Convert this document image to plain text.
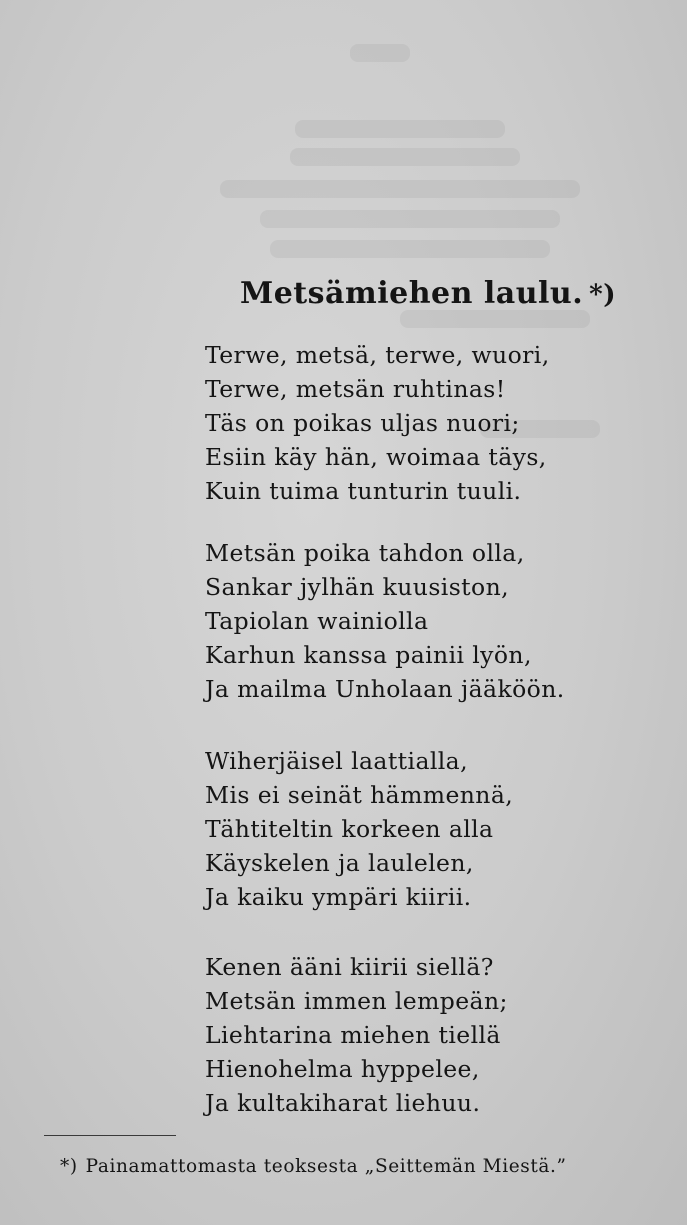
Metsämiehen laulu. *)
Terwe, metsä, terwe, wuori,
Terwe, metsän ruhtinas!
Täs on poikas uljas nuori;
Esiin käy hän, woimaa täys,
Kuin tuima tunturin tuuli.
Metsän poika tahdon olla,
Sankar jylhän kuusiston,
Tapiolan wainiolla
Karhun kanssa painii lyön,
Ja mailma Unholaan jääköön.
Wiherjäisel laattialla,
Mis ei seinät hämmennä,
Tähtiteltin korkeen alla
Käyskelen ja laulelen,
Ja kaiku ympäri kiirii.
Kenen ääni kiirii siellä?
Metsän immen lempeän;
Liehtarina miehen tiellä
Hienohelma hyppelee,
Ja kultakiharat liehuu.
*) Painamattomasta teoksesta „Seittemän Miestä.”
